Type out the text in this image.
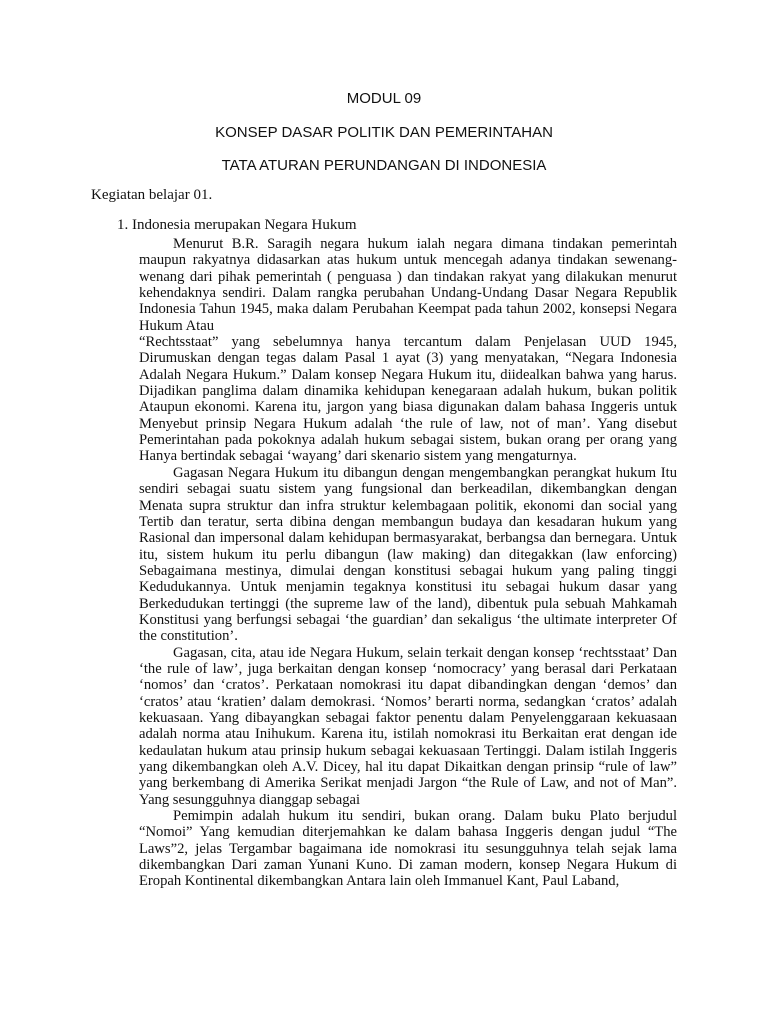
MODUL 09
KONSEP DASAR POLITIK DAN PEMERINTAHAN
TATA ATURAN PERUNDANGAN DI INDONESIA
Kegiatan belajar 01.
1. Indonesia merupakan Negara Hukum

Menurut B.R. Saragih negara hukum ialah negara dimana tindakan pemerintah maupun rakyatnya didasarkan atas hukum untuk mencegah adanya tindakan sewenang-wenang dari pihak pemerintah ( penguasa ) dan tindakan rakyat yang dilakukan menurut kehendaknya sendiri. Dalam rangka perubahan Undang-Undang Dasar Negara Republik Indonesia Tahun 1945, maka dalam Perubahan Keempat pada tahun 2002, konsepsi Negara Hukum Atau

“Rechtsstaat” yang sebelumnya hanya tercantum dalam Penjelasan UUD 1945, Dirumuskan dengan tegas dalam Pasal 1 ayat (3) yang menyatakan, “Negara Indonesia Adalah Negara Hukum.” Dalam konsep Negara Hukum itu, diidealkan bahwa yang harus. Dijadikan panglima dalam dinamika kehidupan kenegaraan adalah hukum, bukan politik Ataupun ekonomi. Karena itu, jargon yang biasa digunakan dalam bahasa Inggeris untuk Menyebut prinsip Negara Hukum adalah ‘the rule of law, not of man’. Yang disebut Pemerintahan pada pokoknya adalah hukum sebagai sistem, bukan orang per orang yang Hanya bertindak sebagai ‘wayang’ dari skenario sistem yang mengaturnya.

Gagasan Negara Hukum itu dibangun dengan mengembangkan perangkat hukum Itu sendiri sebagai suatu sistem yang fungsional dan berkeadilan, dikembangkan dengan Menata supra struktur dan infra struktur kelembagaan politik, ekonomi dan social yang Tertib dan teratur, serta dibina dengan membangun budaya dan kesadaran hukum yang Rasional dan impersonal dalam kehidupan bermasyarakat, berbangsa dan bernegara. Untuk itu, sistem hukum itu perlu dibangun (law making) dan ditegakkan (law enforcing) Sebagaimana mestinya, dimulai dengan konstitusi sebagai hukum yang paling tinggi Kedudukannya. Untuk menjamin tegaknya konstitusi itu sebagai hukum dasar yang Berkedudukan tertinggi (the supreme law of the land), dibentuk pula sebuah Mahkamah Konstitusi yang berfungsi sebagai ‘the guardian’ dan sekaligus ‘the ultimate interpreter Of the constitution’.

Gagasan, cita, atau ide Negara Hukum, selain terkait dengan konsep ‘rechtsstaat’ Dan ‘the rule of law’, juga berkaitan dengan konsep ‘nomocracy’ yang berasal dari Perkataan ‘nomos’ dan ‘cratos’. Perkataan nomokrasi itu dapat dibandingkan dengan ‘demos’ dan ‘cratos’ atau ‘kratien’ dalam demokrasi. ‘Nomos’ berarti norma, sedangkan ‘cratos’ adalah kekuasaan. Yang dibayangkan sebagai faktor penentu dalam Penyelenggaraan kekuasaan adalah norma atau Inihukum. Karena itu, istilah nomokrasi itu Berkaitan erat dengan ide kedaulatan hukum atau prinsip hukum sebagai kekuasaan Tertinggi. Dalam istilah Inggeris yang dikembangkan oleh A.V. Dicey, hal itu dapat Dikaitkan dengan prinsip “rule of law” yang berkembang di Amerika Serikat menjadi Jargon “the Rule of Law, and not of Man”. Yang sesungguhnya dianggap sebagai

Pemimpin adalah hukum itu sendiri, bukan orang. Dalam buku Plato berjudul “Nomoi” Yang kemudian diterjemahkan ke dalam bahasa Inggeris dengan judul “The Laws”2, jelas Tergambar bagaimana ide nomokrasi itu sesungguhnya telah sejak lama dikembangkan Dari zaman Yunani Kuno. Di zaman modern, konsep Negara Hukum di Eropah Kontinental dikembangkan Antara lain oleh Immanuel Kant, Paul Laband,
